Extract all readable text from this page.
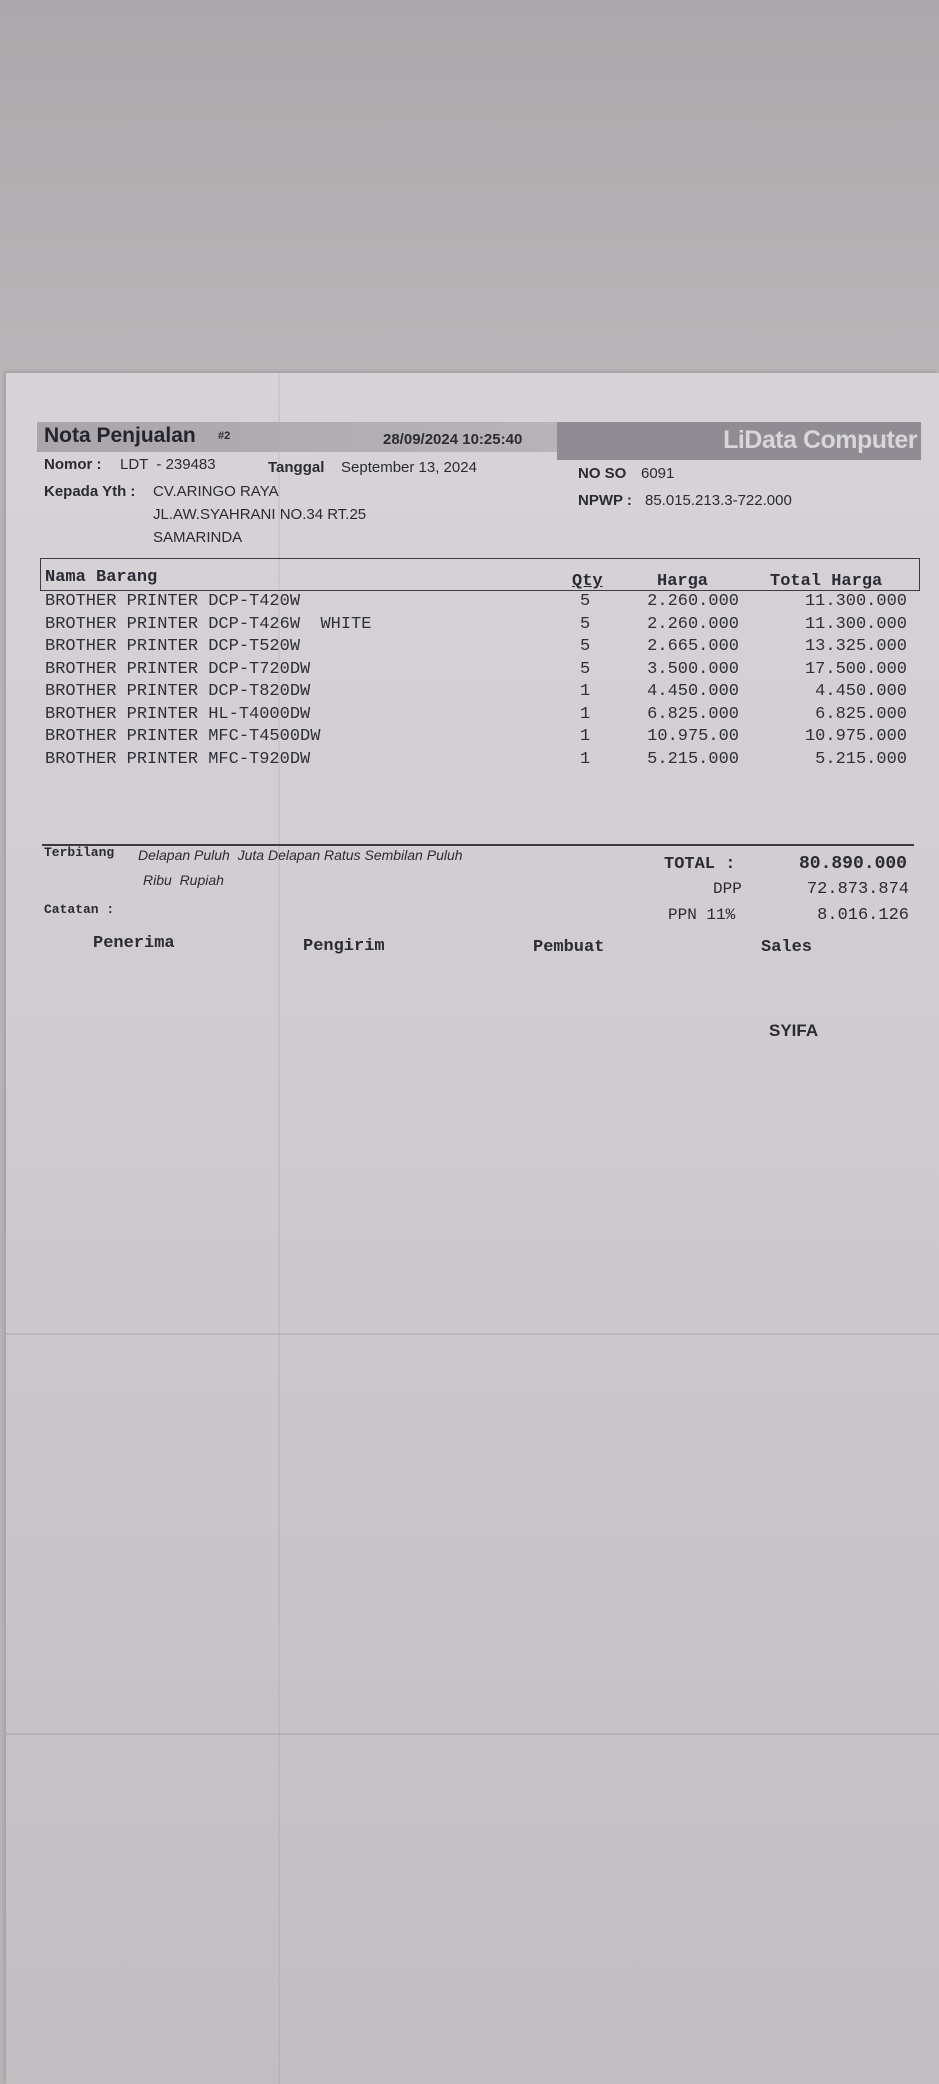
Nota Penjualan #2	28/09/2024 10:25:40	LiData Computer
Nomor : LDT  - 239483	Tanggal September 13, 2024	NO SO 6091
NPWP : 85.015.213.3-722.000
Kepada Yth : CV.ARINGO RAYA
JL.AW.SYAHRANI NO.34 RT.25
SAMARINDA
Nama Barang	Qty	Harga	Total Harga
BROTHER PRINTER DCP-T420W	5	2.260.000	11.300.000
BROTHER PRINTER DCP-T426W  WHITE	5	2.260.000	11.300.000
BROTHER PRINTER DCP-T520W	5	2.665.000	13.325.000
BROTHER PRINTER DCP-T720DW	5	3.500.000	17.500.000
BROTHER PRINTER DCP-T820DW	1	4.450.000	4.450.000
BROTHER PRINTER HL-T4000DW	1	6.825.000	6.825.000
BROTHER PRINTER MFC-T4500DW	1	10.975.00	10.975.000
BROTHER PRINTER MFC-T920DW	1	5.215.000	5.215.000
Terbilang Delapan Puluh  Juta Delapan Ratus Sembilan Puluh
Ribu  Rupiah
Catatan :
TOTAL :	80.890.000
DPP	72.873.874
PPN 11%	8.016.126
Penerima	Pengirim	Pembuat	Sales
SYIFA
